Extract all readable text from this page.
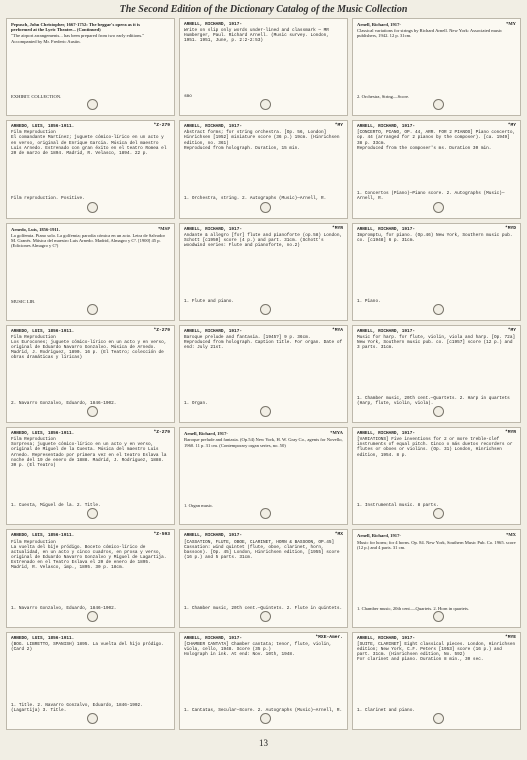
The Second Edition of the Dictionary Catalog of the Music Collection
Pepusch, John Christopher, 1667-1752: The beggar's opera as it is performed at the Lyric Theatre... (Continued)

"The airport arrangements... has been prepared from two early editions." Accompanied by Mr. Frederic Austin.

EXHIBIT. COLLECTION.
ARNELL, RICHARD, 1917-

Write on slip only words under-lined and classmark — MR
Humberger, Paul. Richard Arnell. (Music survey. London, 1951. 1951, June, p. 2:2-2:53)

smo
*MY
Arnell, Richard, 1917-

Classical variations for strings by Richard Arnell. New York: Associated music publishers, 1942. 12 p. 31cm.

2. Orchestra, String—Score.
*Z-279
ARNEDO, LUIS, 1856-1911.

Film Reproduction
El comandante Martínez; juguete cómico-lírico en un acto y en verso, original de Enrique Garcia. Música del maestro Luis Arnedo. Estrenado con gran éxito en el teatro Romea el 20 de marzo de 1894. Madrid, R. Velasco, 1894. 22 p.

Film reproduction. Positive.
*MY
ARNELL, RICHARD, 1917-

Abstract forms; for string orchestra. [Op. 56, London] Hinrichsen [1952] miniature score (36 p.) 19cm. (Hinrichsen edition, no. 361)
Reproduced from holograph. Duration, 15 min.

1. Orchestra, string. 2. Autographs (Music)—Arnell, R.
*MY
ARNELL, RICHARD, 1917-

[CONCERTO, PIANO, OP. 44, ARR. FOR 2 PIANOS] Piano concerto, op. 44 (arranged for 2 pianos by the composer). [ca. 1949] 38 p. 33cm.
Reproduced from the composer's ms. Duration 30 min.

1. Concertos (Piano)—Piano score. 2. Autographs (Music)—Arnell, R.
*MSP
Arnedo, Luis, 1856-1911.

La golfemia. Piano solo. La golfemia; parodia cómica en un acto. Letra de Salvador M. Granés. Música del maestro Luis Arnedo. Madrid, Almagro y Cª. [1900] 45 p.
(Ediciones Almagro y Cª)

MUSIC LIB.
*MYR
ARNELL, RICHARD, 1917-

Andante & allegro [for] flute and pianoforte (op.58) London, Schott [c1950] score (4 p.) and part. 31cm. (Schott's woodwind series: Flute and pianoforte, no.2)

1. Flute and piano.
*MYD
ARNELL, RICHARD, 1917-

Impromptu, for piano. (Op.46) New York, Southern music pub. co. [c1948] 6 p. 31cm.

1. Piano.
*Z-279
ARNEDO, LUIS, 1856-1911.

Film Reproduction
Los Eurocones; juguete cómico-lírico en un acto y en verso, original de Eduardo Navarro Gonzalvo. Música de Arnedo. Madrid, J. Rodriguez, 1890. 16 p. (El Teatro; colección de obras dramáticas y líricas)

2. Navarro Gonzalvo, Eduardo, 1846-1902.
*MYA
ARNELL, RICHARD, 1917-

Baroque prelude and fantasia. [1945?] 9 p. 36cm.
Reproduced from holograph. Caption title. For organ. Date of end: July 21st.

1. Organ.
*MY
ARNELL, RICHARD, 1917-

Music for harp. for flute, violin, viola and harp. [Op. 72a] New York, Southern music pub. co. [c1957] score (12 p.) and 3 parts. 31cm.

1. Chamber music, 20th cent.—Quartets. 2. Harp in quartets (Harp, flute, violin, viola).
*Z-279
ARNEDO, LUIS, 1856-1911.

Film Reproduction
Sorpresa; juguete cómico-lírico en un acto y en verso, original de Miguel de la Cuesta. Música del maestro Luis Arnedo. Representado por primera vez en el teatro Eslava la noche del 19 de enero de 1888. Madrid, J. Rodriguez, 1888. 30 p. (El Teatro)

1. Cuesta, Miguel de la. 2. Title.
*MYA
Arnell, Richard, 1917-

Baroque prelude and fantasia. (Op.54) New York, H. W. Gray Co., agents for Novello, 1960. 11 p. 31 cm. (Contemporary organ series, no. 50)

1. Organ music.
*MYR
ARNELL, RICHARD, 1917-

[VARIATIONS] Five inventions for 2 or more treble-clef instruments of equal pitch. Cinco o más duetos recorders or flutes or oboes or violins. (Op. 31) London, Hinrichsen edition, 1954. 8 p.

1. Instrumental music. 8 parts.
*Z-593
ARNEDO, LUIS, 1856-1911.

Film Reproduction
La vuelta del bije pródigo. Boceto cómico-lírico de actualidad, en un acto y cinco cuadros, en prosa y verso, original de Eduardo Navarro Gonzalvo y Miguel de Lagartija. Estrenado en el Teatro Eslava el 20 de enero de 1895. Madrid, R. Velasco, imp., 1895. 30 p. 18cm.

1. Navarro Gonzalvo, Eduardo, 1846-1902.
*MX
ARNELL, RICHARD, 1917-

[CASSATION, FLUTE, OBOE, CLARINET, HORN & BASSOON, OP.45] Cassation: wind quintet (flute, oboe, clarinet, horn, bassoon). [Op. 45] London, Hinrichsen edition, [1955] score (16 p.) and 5 parts. 31cm.

1. Chamber music, 20th cent.—Quintets. 2. Flute in quintets.
*MX
Arnell, Richard, 1917-

Music for horns; for 4 horns. Op. 84. New York, Southern Music Pub. Co. 1965. score (12 p.) and 4 parts. 31 cm.

1. Chamber music, 20th cent.—Quartets. 2. Horn in quartets.
ARNEDO, LUIS, 1856-1911.

(BOG. LIBRETTO, SPANISH) 1895. La vuelta del hijo pródigo. (Card 2)

1. Title. 2. Navarro Gonzalvo, Eduardo, 1846-1902. (Lagartija) 3. Title.
*MXE-Amer.
ARNELL, RICHARD, 1917-

[CHAMBER CANTATA] Chamber cantata; tenor, flute, violin, viola, cello, 1948. Score (35 p.)
Holograph in ink. At end: Nov. 10th, 1948.

1. Cantatas, Secular—Score. 2. Autographs (Music)—Arnell, R.
*MYE
ARNELL, RICHARD, 1917-

[SUITE, CLARINET] Eight classical pieces. London, Hinrichsen edition; New York, C.F. Peters [1953] score (16 p.) and part. 31cm. (Hinrichsen edition, No. 592)
For clarinet and piano. Duration 8 min., 30 sec.

1. Clarinet and piano.
13
